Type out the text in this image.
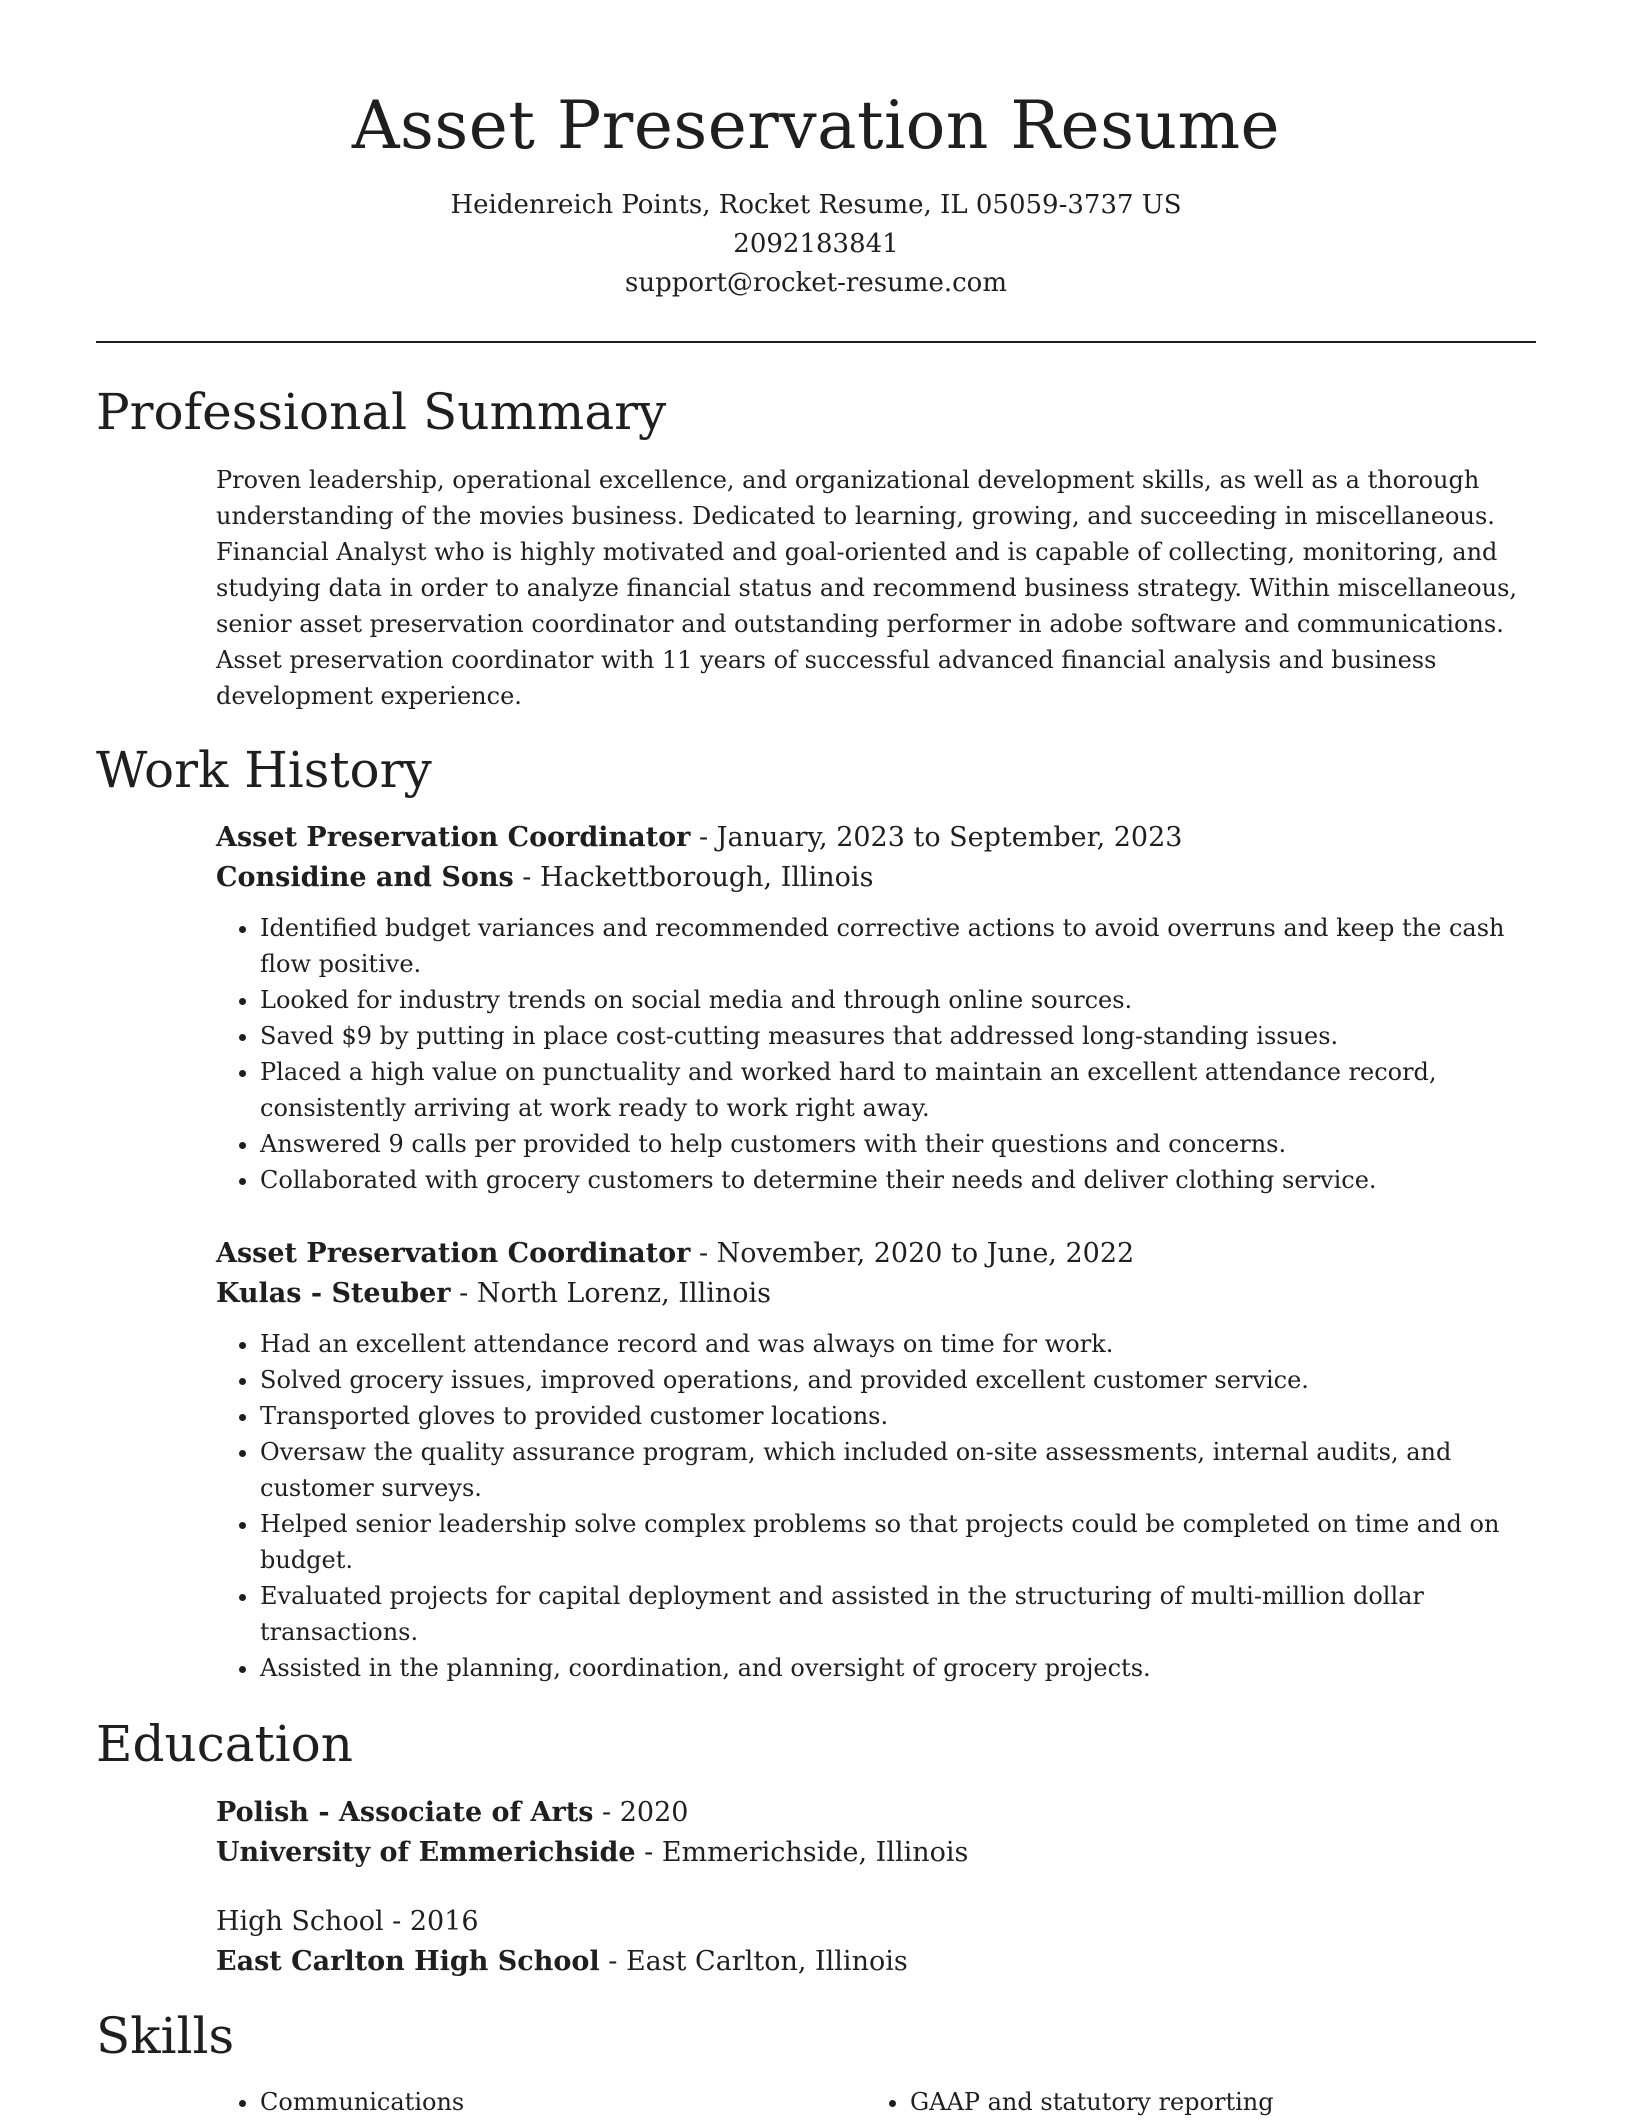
Asset Preservation Resume
Heidenreich Points, Rocket Resume, IL 05059-3737 US
2092183841
support@rocket-resume.com
Professional Summary
Proven leadership, operational excellence, and organizational development skills, as well as a thorough understanding of the movies business. Dedicated to learning, growing, and succeeding in miscellaneous. Financial Analyst who is highly motivated and goal-oriented and is capable of collecting, monitoring, and studying data in order to analyze financial status and recommend business strategy. Within miscellaneous, senior asset preservation coordinator and outstanding performer in adobe software and communications. Asset preservation coordinator with 11 years of successful advanced financial analysis and business development experience.
Work History
Asset Preservation Coordinator - January, 2023 to September, 2023
Considine and Sons - Hackettborough, Illinois
• Identified budget variances and recommended corrective actions to avoid overruns and keep the cash flow positive.
• Looked for industry trends on social media and through online sources.
• Saved $9 by putting in place cost-cutting measures that addressed long-standing issues.
• Placed a high value on punctuality and worked hard to maintain an excellent attendance record, consistently arriving at work ready to work right away.
• Answered 9 calls per provided to help customers with their questions and concerns.
• Collaborated with grocery customers to determine their needs and deliver clothing service.
Asset Preservation Coordinator - November, 2020 to June, 2022
Kulas - Steuber - North Lorenz, Illinois
• Had an excellent attendance record and was always on time for work.
• Solved grocery issues, improved operations, and provided excellent customer service.
• Transported gloves to provided customer locations.
• Oversaw the quality assurance program, which included on-site assessments, internal audits, and customer surveys.
• Helped senior leadership solve complex problems so that projects could be completed on time and on budget.
• Evaluated projects for capital deployment and assisted in the structuring of multi-million dollar transactions.
• Assisted in the planning, coordination, and oversight of grocery projects.
Education
Polish - Associate of Arts - 2020
University of Emmerichside - Emmerichside, Illinois
High School - 2016
East Carlton High School - East Carlton, Illinois
Skills
• Communications
•	GAAP and statutory reporting
